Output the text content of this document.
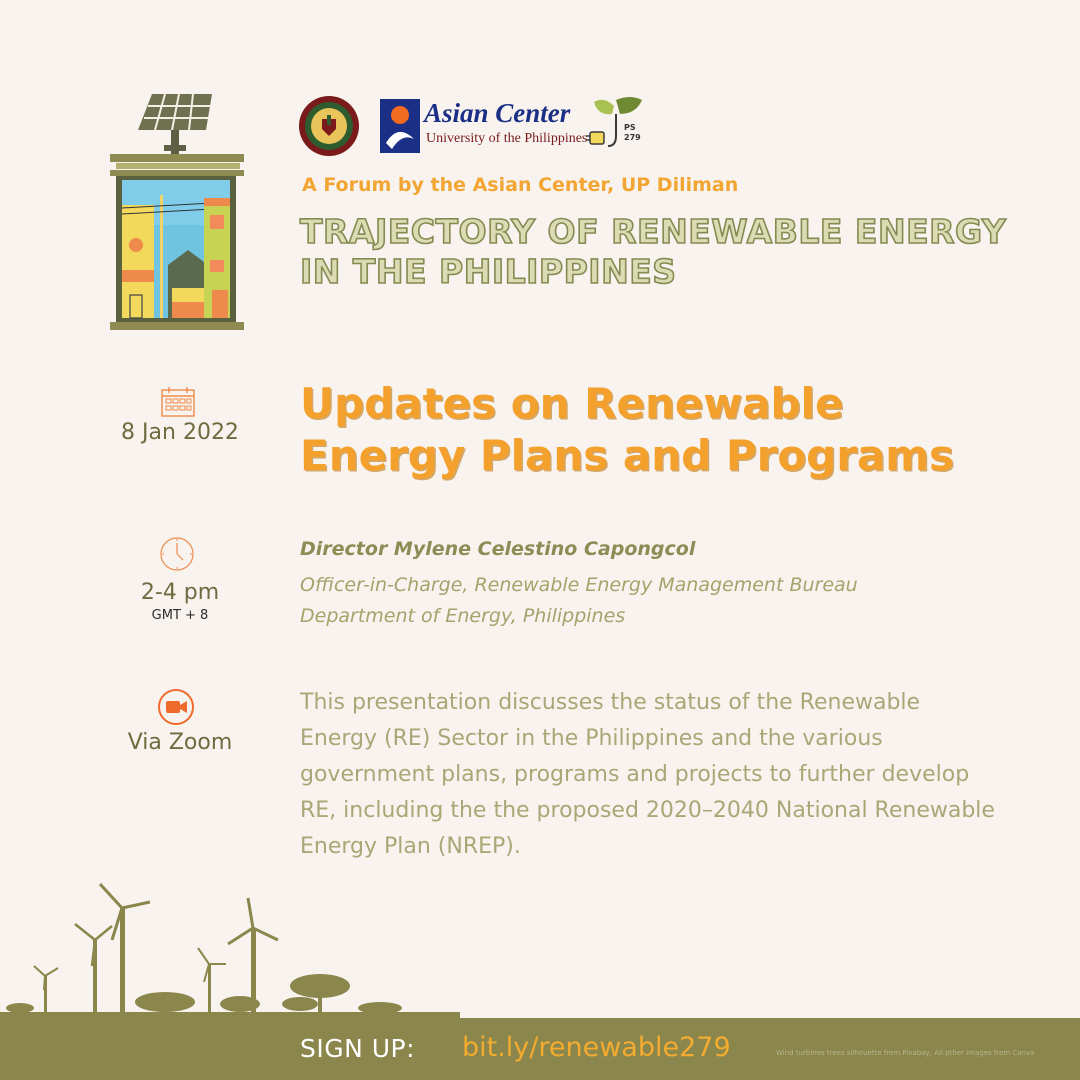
Asian Center
University of the Philippines
PS
279
A Forum by the Asian Center, UP Diliman
TRAJECTORY OF RENEWABLE ENERGY
IN THE PHILIPPINES
Updates on Renewable
Energy Plans and Programs
8 Jan 2022
2-4 pm
GMT + 8
Via Zoom
Director Mylene Celestino Capongcol
Officer-in-Charge, Renewable Energy Management Bureau
Department of Energy, Philippines
This presentation discusses the status of the Renewable Energy (RE) Sector in the Philippines and the various government plans, programs and projects to further develop RE, including the the proposed 2020–2040 National Renewable Energy Plan (NREP).
SIGN UP: bit.ly/renewable279	Wind turbines trees silhouette from Pixabay; All pther images from Canva
